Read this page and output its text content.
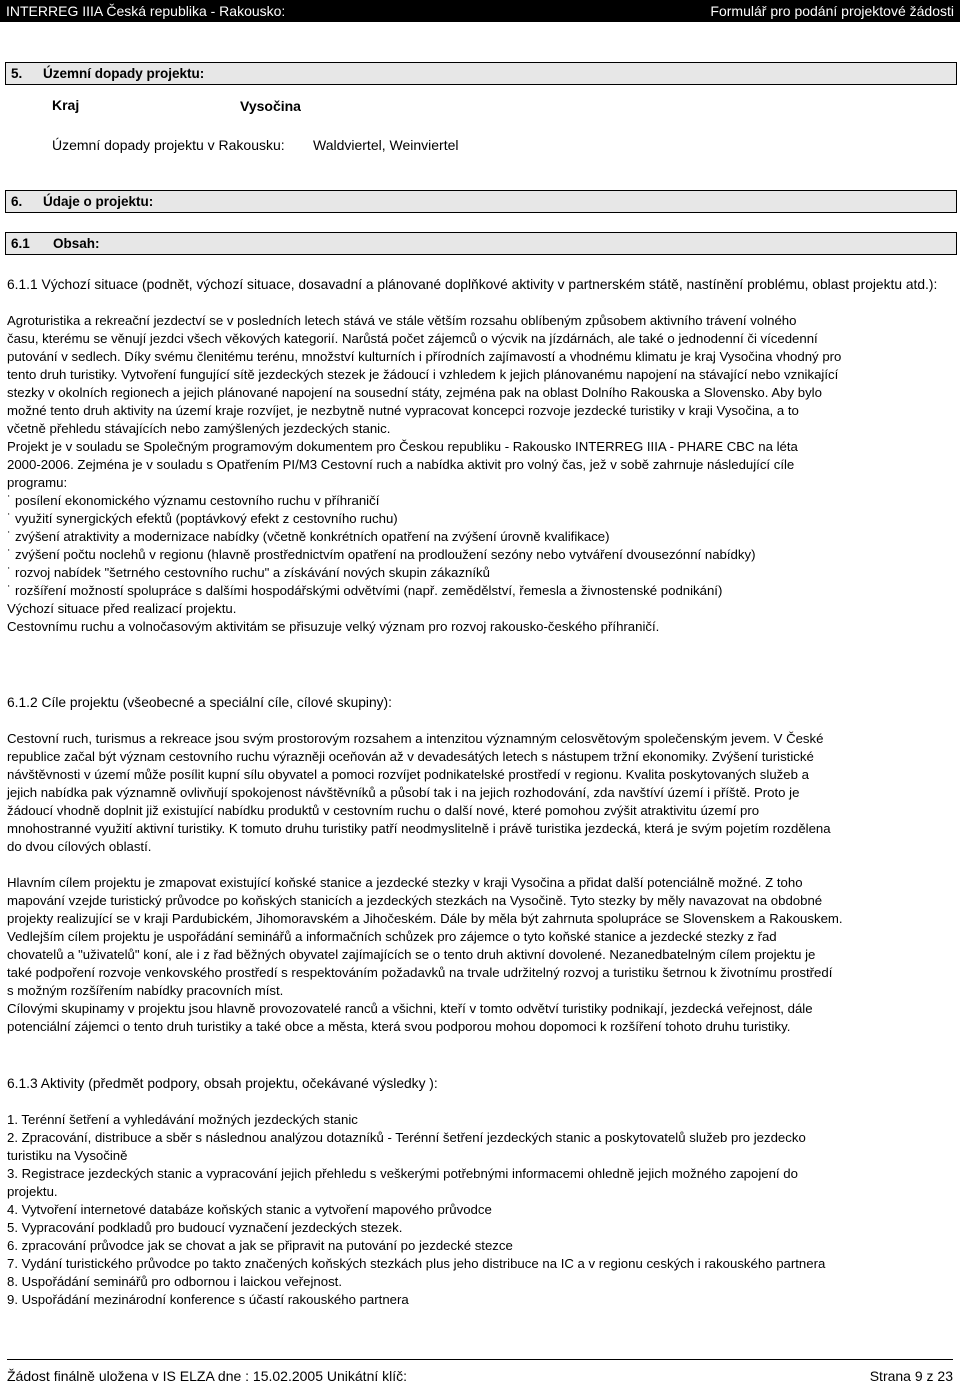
INTERREG IIIA Česká republika - Rakousko:	Formulář pro podání projektové žádosti
5. Územní dopady projektu:
Kraj	Vysočina
Územní dopady projektu v Rakousku: Waldviertel, Weinviertel
6. Údaje o projektu:
6.1 Obsah:

6.1.1 Výchozí situace (podnět, výchozí situace, dosavadní a plánované doplňkové aktivity v partnerském státě, nastínění problému, oblast projektu atd.):

Agroturistika a rekreační jezdectví se v posledních letech stává ve stále větším rozsahu oblíbeným způsobem aktivního trávení volného

času, kterému se věnují jezdci všech věkových kategorií. Narůstá počet zájemců o výcvik na jízdárnách, ale také o jednodenní či vícedenní

putování v sedlech. Díky svému členitému terénu, množství kulturních i přírodních zajímavostí a vhodnému klimatu je kraj Vysočina vhodný pro

tento druh turistiky. Vytvoření fungující sítě jezdeckých stezek je žádoucí i vzhledem k jejich plánovanému napojení na stávající nebo vznikající

stezky v okolních regionech a jejich plánované napojení na sousední státy, zejména pak na oblast Dolního Rakouska a Slovensko. Aby bylo

možné tento druh aktivity na území kraje rozvíjet, je nezbytně nutné vypracovat koncepci rozvoje jezdecké turistiky v kraji Vysočina, a to

včetně přehledu stávajících nebo zamýšlených jezdeckých stanic.

Projekt je v souladu se Společným programovým dokumentem pro Českou republiku - Rakousko INTERREG IIIA - PHARE CBC na léta

2000-2006. Zejména je v souladu s Opatřením PI/M3 Cestovní ruch a nabídka aktivit pro volný čas, jež v sobě zahrnuje následující cíle

programu:

˙ posílení ekonomického významu cestovního ruchu v příhraničí

˙ využití synergických efektů (poptávkový efekt z cestovního ruchu)

˙ zvýšení atraktivity a modernizace nabídky (včetně konkrétních opatření na zvýšení úrovně kvalifikace)

˙ zvýšení počtu noclehů v regionu (hlavně prostřednictvím opatření na prodloužení sezóny nebo vytváření dvousezónní nabídky)

˙ rozvoj nabídek "šetrného cestovního ruchu" a získávání nových skupin zákazníků

˙ rozšíření možností spolupráce s dalšími hospodářskými odvětvími (např. zemědělství, řemesla a živnostenské podnikání)

Výchozí situace před realizací projektu.

Cestovnímu ruchu a volnočasovým aktivitám se přisuzuje velký význam pro rozvoj rakousko-českého příhraničí.

6.1.2 Cíle projektu (všeobecné a speciální cíle, cílové skupiny):

Cestovní ruch, turismus a rekreace jsou svým prostorovým rozsahem a intenzitou významným celosvětovým společenským jevem. V České

republice začal být význam cestovního ruchu výrazněji oceňován až v devadesátých letech s nástupem tržní ekonomiky. Zvýšení turistické

návštěvnosti v území může posílit kupní sílu obyvatel a pomoci rozvíjet podnikatelské prostředí v regionu. Kvalita poskytovaných služeb a

jejich nabídka pak významně ovlivňují spokojenost návštěvníků a působí tak i na jejich rozhodování, zda navštíví území i příště. Proto je

žádoucí vhodně doplnit již existující nabídku produktů v cestovním ruchu o další nové, které pomohou zvýšit atraktivitu území pro

mnohostranné využití aktivní turistiky. K tomuto druhu turistiky patří neodmyslitelně i právě turistika jezdecká, která je svým pojetím rozdělena

do dvou cílových oblastí.

Hlavním cílem projektu je zmapovat existující koňské stanice a jezdecké stezky v kraji Vysočina a přidat další potenciálně možné. Z toho

mapování vzejde turistický průvodce po koňských stanicích a jezdeckých stezkách na Vysočině. Tyto stezky by měly navazovat na obdobné

projekty realizující se v kraji Pardubickém, Jihomoravském a Jihočeském. Dále by měla být zahrnuta spolupráce se Slovenskem a Rakouskem.

Vedlejším cílem projektu je uspořádání seminářů a informačních schůzek pro zájemce o tyto koňské stanice a jezdecké stezky z řad

chovatelů a "uživatelů" koní, ale i z řad běžných obyvatel zajímajících se o tento druh aktivní dovolené. Nezanedbatelným cílem projektu je

také podpoření rozvoje venkovského prostředí s respektováním požadavků na trvale udržitelný rozvoj a turistiku šetrnou k životnímu prostředí

s možným rozšířením nabídky pracovních míst.

Cílovými skupinamy v projektu jsou hlavně provozovatelé ranců a všichni, kteří v tomto odvětví turistiky podnikají, jezdecká veřejnost, dále

potenciální zájemci o tento druh turistiky a také obce a města, která svou podporou mohou dopomoci k rozšíření tohoto druhu turistiky.

6.1.3 Aktivity (předmět podpory, obsah projektu, očekávané výsledky ):

1. Terénní šetření a vyhledávání možných jezdeckých stanic

2. Zpracování, distribuce a sběr s následnou analýzou dotazníků - Terénní šetření jezdeckých stanic a poskytovatelů služeb pro jezdecko

turistiku na Vysočině

3. Registrace jezdeckých stanic a vypracování jejich přehledu s veškerými potřebnými informacemi ohledně jejich možného zapojení do

projektu.

4. Vytvoření internetové databáze koňských stanic a vytvoření mapového průvodce

5. Vypracování podkladů pro budoucí vyznačení jezdeckých stezek.

6. zpracování průvodce jak se chovat a jak se připravit na putování po jezdecké stezce

7. Vydání turistického průvodce po takto značených koňských stezkách plus jeho distribuce na IC a v regionu ceských i rakouského partnera

8. Uspořádání seminářů pro odbornou i laickou veřejnost.

9. Uspořádání mezinárodní konference s účastí rakouského partnera

Žádost finálně uložena v IS ELZA dne : 15.02.2005 Unikátní klíč:	Strana 9 z 23
